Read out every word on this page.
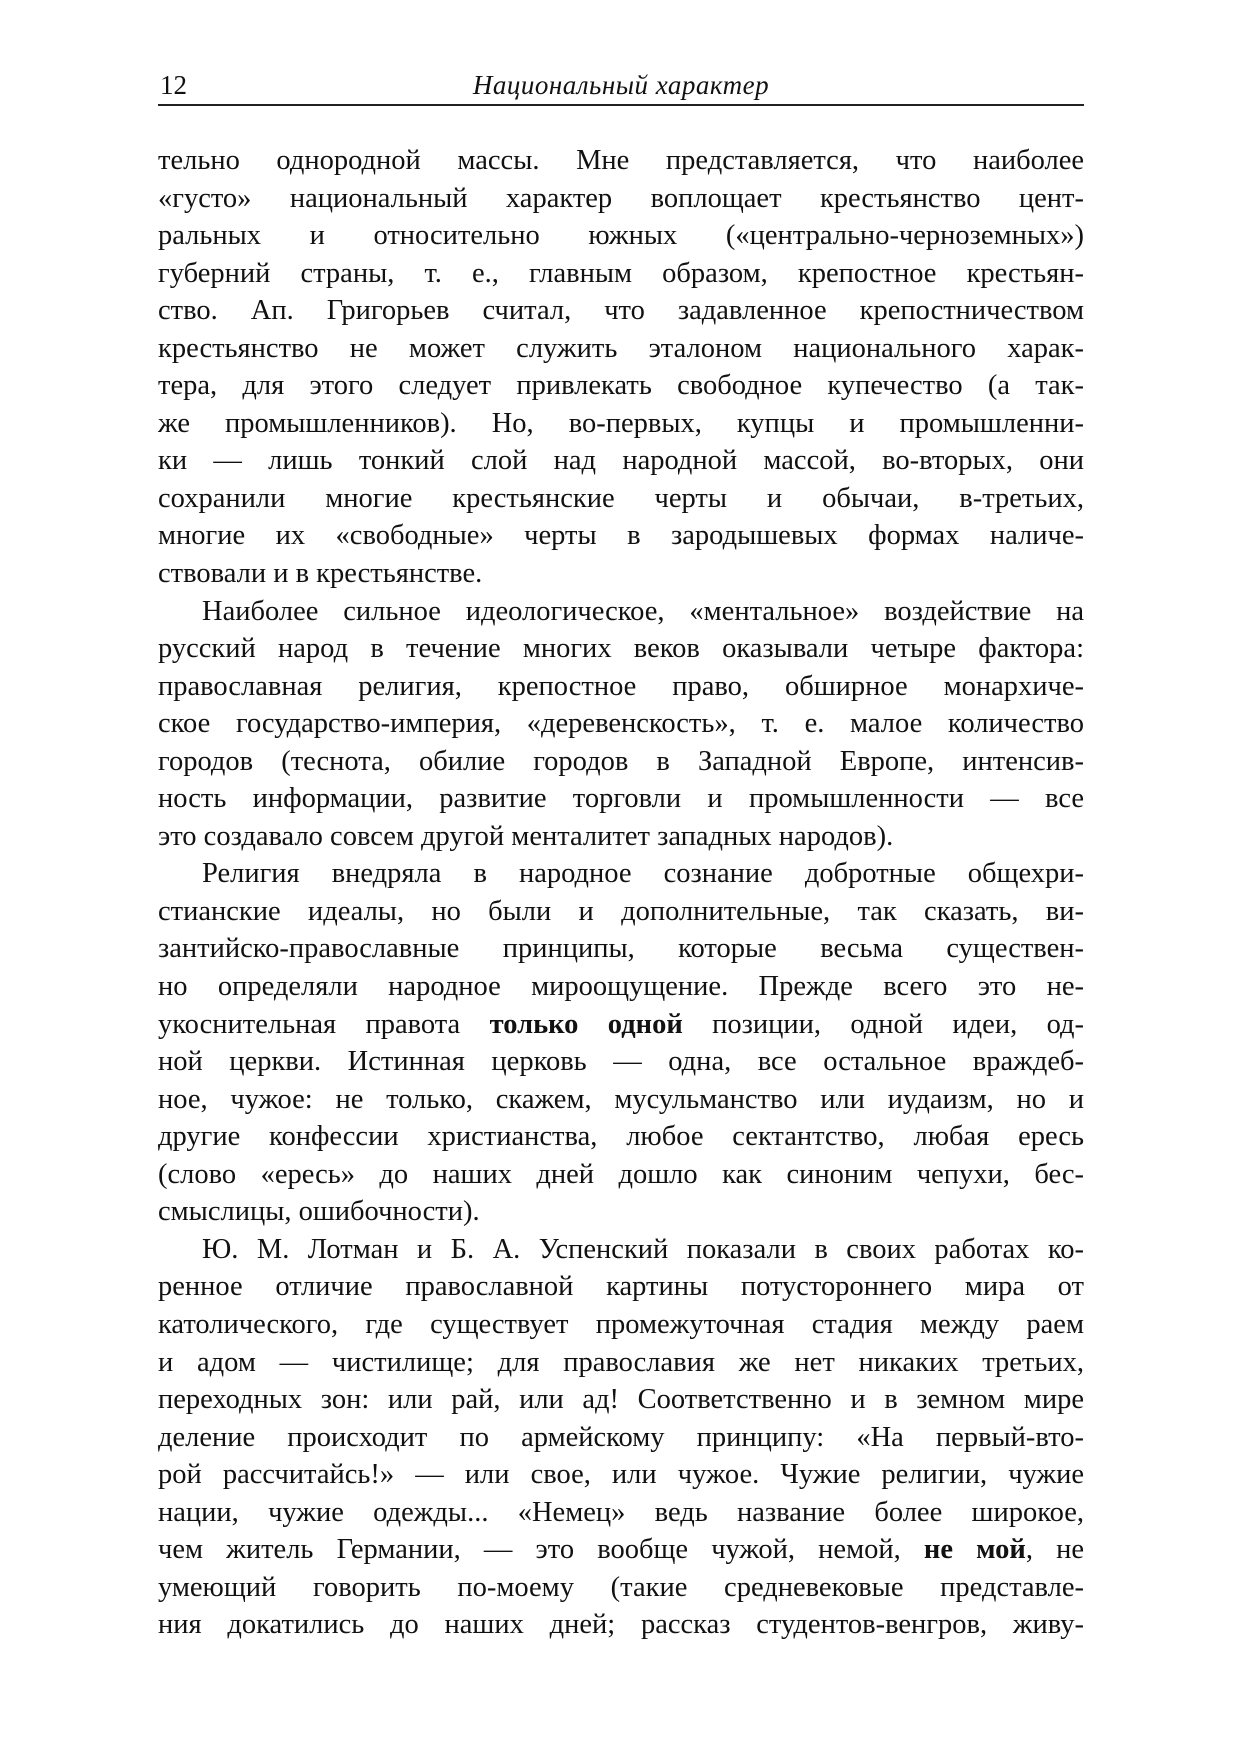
12	Национальный характер
тельно однородной массы. Мне представляется, что наиболее
«густо» национальный характер воплощает крестьянство цент-
ральных и относительно южных («центрально-черноземных»)
губерний страны, т. е., главным образом, крепостное крестьян-
ство. Ап. Григорьев считал, что задавленное крепостничеством
крестьянство не может служить эталоном национального харак-
тера, для этого следует привлекать свободное купечество (а так-
же промышленников). Но, во-первых, купцы и промышленни-
ки — лишь тонкий слой над народной массой, во-вторых, они
сохранили многие крестьянские черты и обычаи, в-третьих,
многие их «свободные» черты в зародышевых формах наличе-
ствовали и в крестьянстве.
Наиболее сильное идеологическое, «ментальное» воздействие на
русский народ в течение многих веков оказывали четыре фактора:
православная религия, крепостное право, обширное монархиче-
ское государство-империя, «деревенскость», т. е. малое количество
городов (теснота, обилие городов в Западной Европе, интенсив-
ность информации, развитие торговли и промышленности — все
это создавало совсем другой менталитет западных народов).
Религия внедряла в народное сознание добротные общехри-
стианские идеалы, но были и дополнительные, так сказать, ви-
зантийско-православные принципы, которые весьма существен-
но определяли народное мироощущение. Прежде всего это не-
укоснительная правота только одной позиции, одной идеи, од-
ной церкви. Истинная церковь — одна, все остальное враждеб-
ное, чужое: не только, скажем, мусульманство или иудаизм, но и
другие конфессии христианства, любое сектантство, любая ересь
(слово «ересь» до наших дней дошло как синоним чепухи, бес-
смыслицы, ошибочности).
Ю. М. Лотман и Б. А. Успенский показали в своих работах ко-
ренное отличие православной картины потустороннего мира от
католического, где существует промежуточная стадия между раем
и адом — чистилище; для православия же нет никаких третьих,
переходных зон: или рай, или ад! Соответственно и в земном мире
деление происходит по армейскому принципу: «На первый-вто-
рой рассчитайсь!» — или свое, или чужое. Чужие религии, чужие
нации, чужие одежды... «Немец» ведь название более широкое,
чем житель Германии, — это вообще чужой, немой, не мой, не
умеющий говорить по-моему (такие средневековые представле-
ния докатились до наших дней; рассказ студентов-венгров, живу-
